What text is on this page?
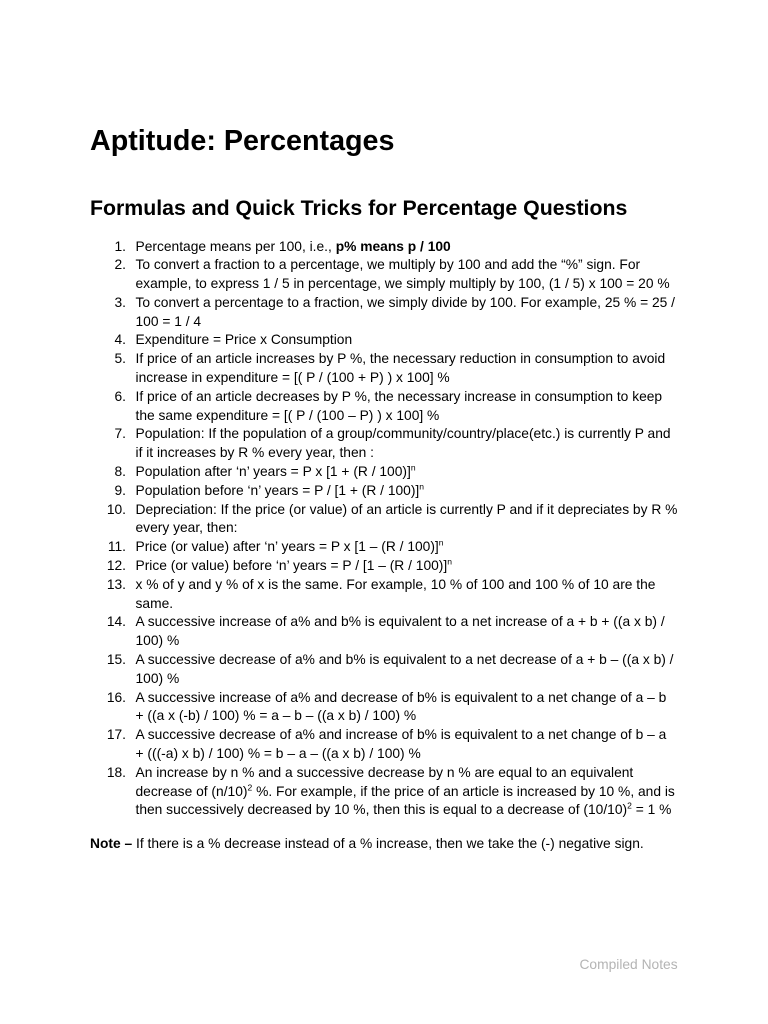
Aptitude: Percentages
Formulas and Quick Tricks for Percentage Questions
1. Percentage means per 100, i.e., p% means p / 100
2. To convert a fraction to a percentage, we multiply by 100 and add the “%” sign. For
example, to express 1 / 5 in percentage, we simply multiply by 100, (1 / 5) x 100 = 20 %
3. To convert a percentage to a fraction, we simply divide by 100. For example, 25 % = 25 /
100 = 1 / 4
4. Expenditure = Price x Consumption
5. If price of an article increases by P %, the necessary reduction in consumption to avoid
increase in expenditure = [( P / (100 + P) ) x 100] %
6. If price of an article decreases by P %, the necessary increase in consumption to keep
the same expenditure = [( P / (100 – P) ) x 100] %
7. Population: If the population of a group/community/country/place(etc.) is currently P and
if it increases by R % every year, then :
8. Population after ‘n’ years = P x $[1 + (R / 100)]^n$
9. Population before ‘n’ years = $P / [1 + (R / 100)]^n$
10. Depreciation: If the price (or value) of an article is currently P and if it depreciates by R %
every year, then:
11. Price (or value) after ‘n’ years = P x [1 – (R / 100)]$^n$
12. Price (or value) before ‘n’ years = P / [1 – (R / 100)]$^n$
13. x % of y and y % of x is the same. For example, 10 % of 100 and 100 % of 10 are the
same.
14. A successive increase of a% and b% is equivalent to a net increase of a + b + ((a x b) /
100) %
15. A successive decrease of a% and b% is equivalent to a net decrease of a + b – ((a x b) /
100) %
16. A successive increase of a% and decrease of b% is equivalent to a net change of a – b
+ ((a x (-b) / 100) % = a – b – ((a x b) / 100) %
17. A successive decrease of a% and increase of b% is equivalent to a net change of b – a
+ (((-a) x b) / 100) % = b – a – ((a x b) / 100) %
18. An increase by n % and a successive decrease by n % are equal to an equivalent
decrease of $(n/10)^2$ %. For example, if the price of an article is increased by 10 %, and is
then successively decreased by 10 %, then this is equal to a decrease of $(10/10)^2 = 1$ %

Note – If there is a % decrease instead of a % increase, then we take the (-) negative sign.

Compiled Notes
